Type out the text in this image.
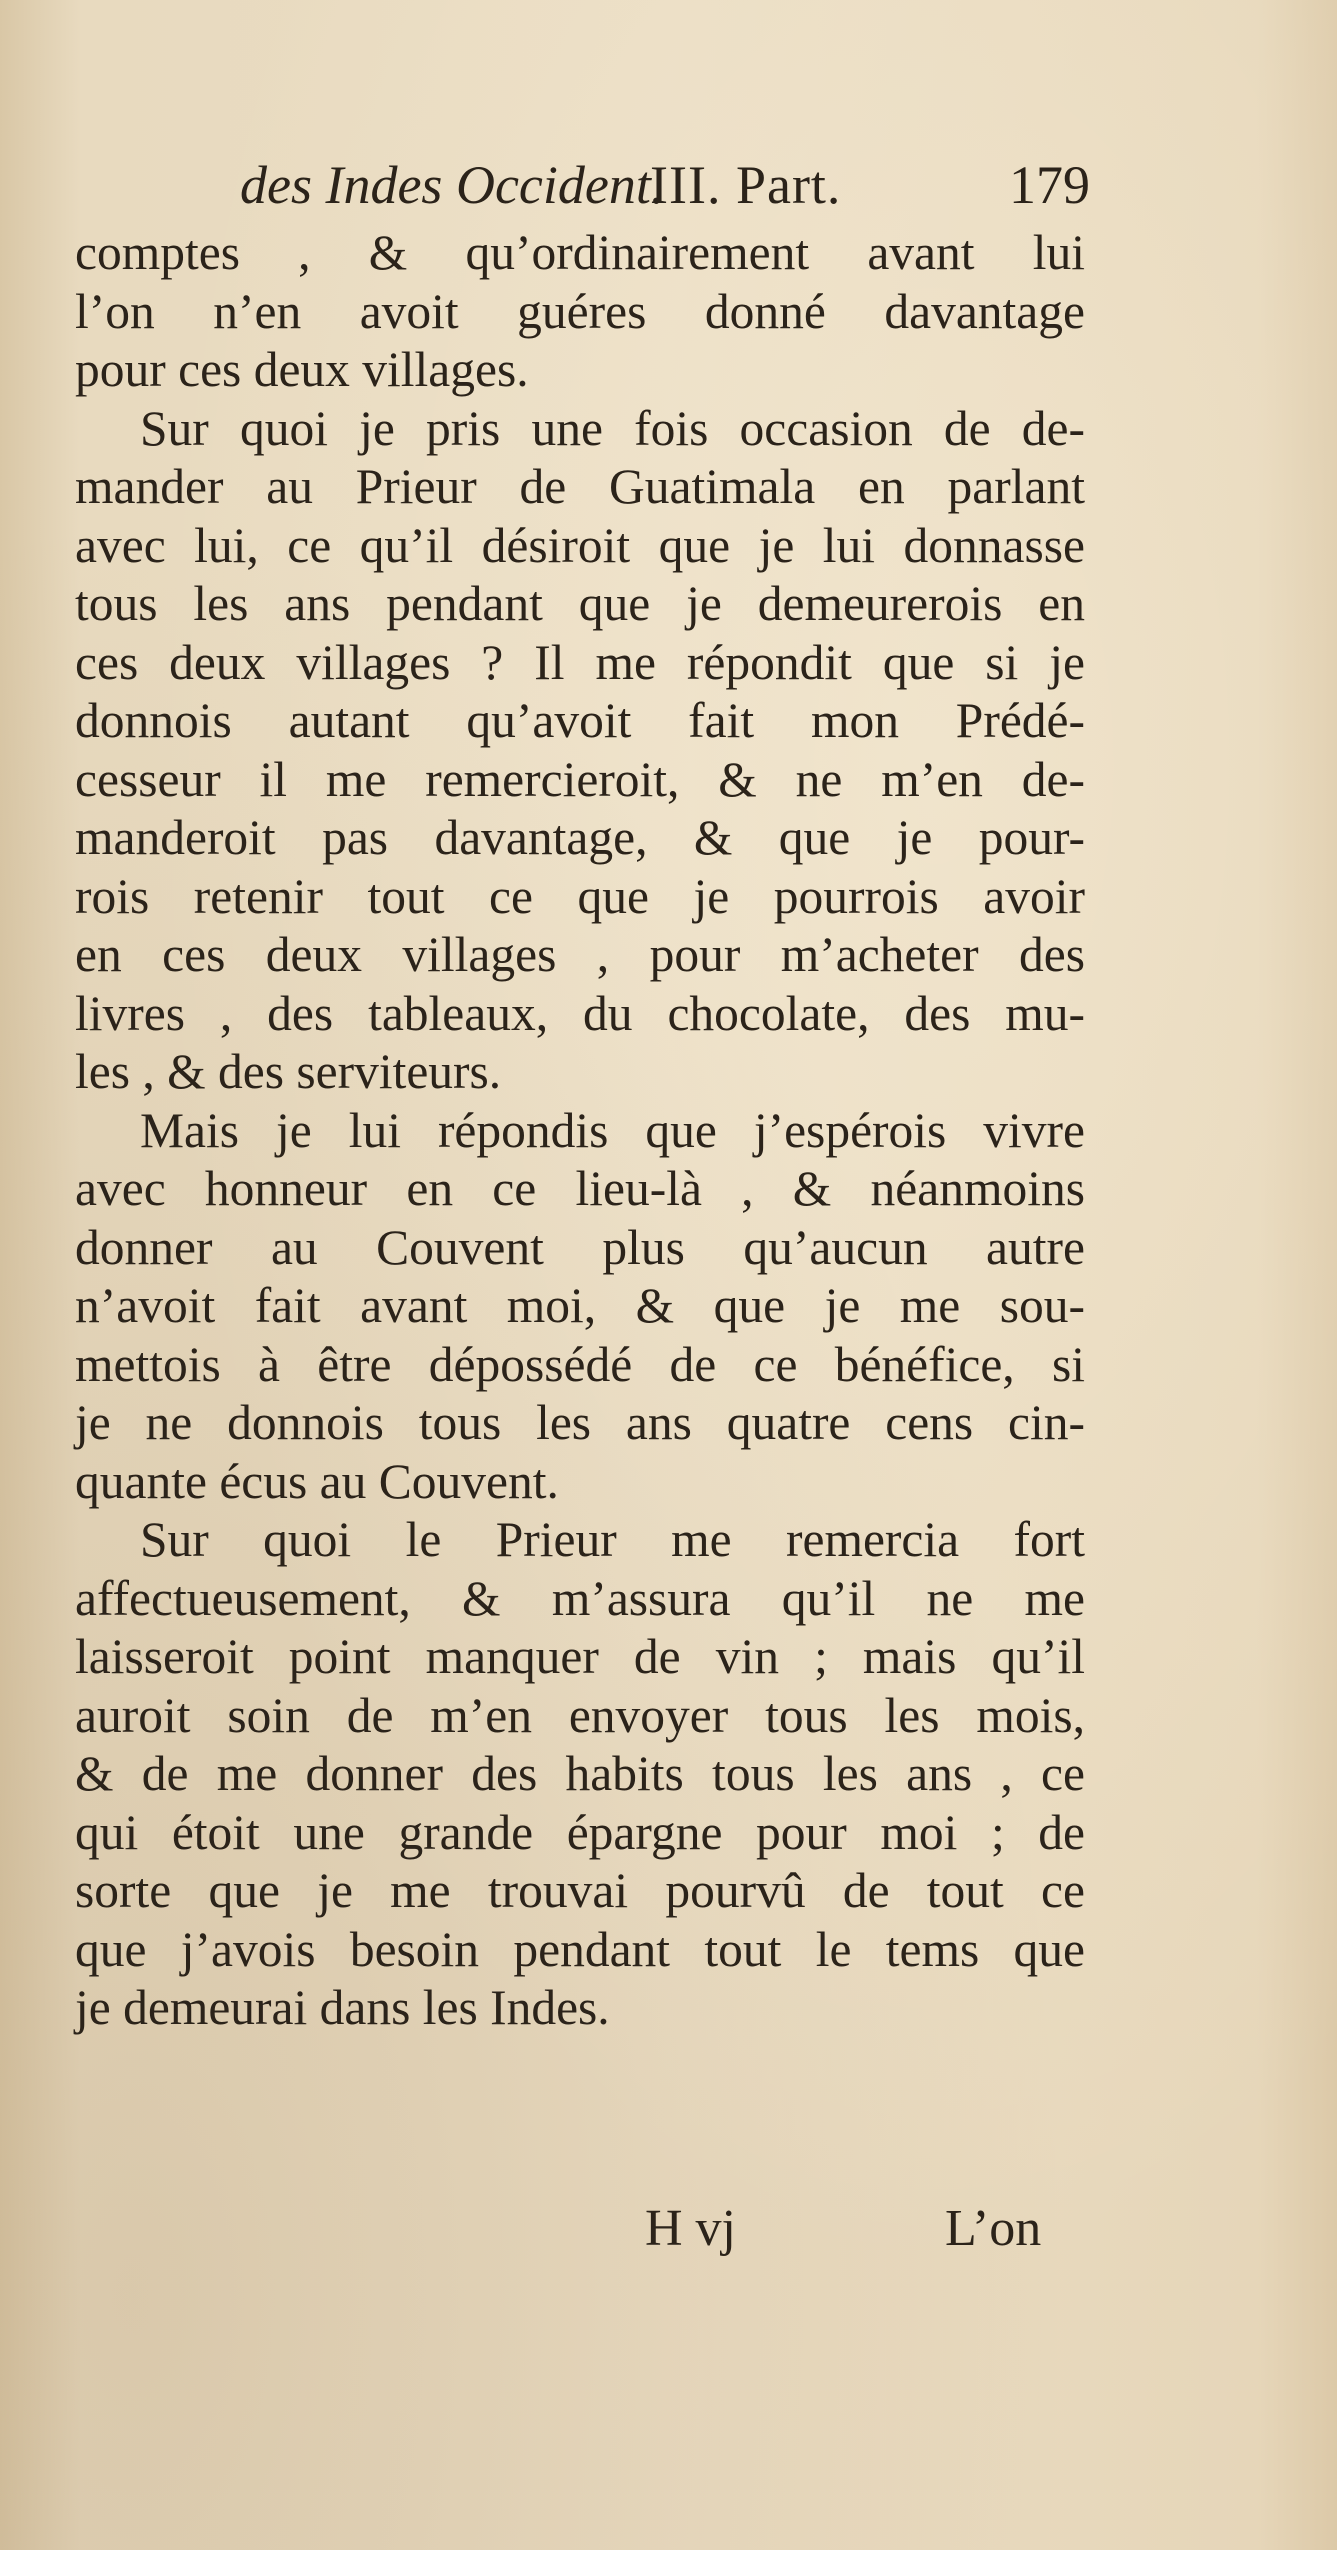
des Indes Occident.
III. Part.	179
comptes , & qu’ordinairement avant lui
l’on n’en avoit guéres donné davantage
pour ces deux villages.
Sur quoi je pris une fois occasion de de-
mander au Prieur de Guatimala en parlant
avec lui, ce qu’il désiroit que je lui donnasse
tous les ans pendant que je demeurerois en
ces deux villages ? Il me répondit que si je
donnois autant qu’avoit fait mon Prédé-
cesseur il me remercieroit, & ne m’en de-
manderoit pas davantage, & que je pour-
rois retenir tout ce que je pourrois avoir
en ces deux villages , pour m’acheter des
livres , des tableaux, du chocolate, des mu-
les , & des serviteurs.
Mais je lui répondis que j’espérois vivre
avec honneur en ce lieu-là , & néanmoins
donner au Couvent plus qu’aucun autre
n’avoit fait avant moi, & que je me sou-
mettois à être dépossédé de ce bénéfice, si
je ne donnois tous les ans quatre cens cin-
quante écus au Couvent.
Sur quoi le Prieur me remercia fort
affectueusement, & m’assura qu’il ne me
laisseroit point manquer de vin ; mais qu’il
auroit soin de m’en envoyer tous les mois,
& de me donner des habits tous les ans , ce
qui étoit une grande épargne pour moi ; de
sorte que je me trouvai pourvû de tout ce
que j’avois besoin pendant tout le tems que
je demeurai dans les Indes.
H vj	L’on
